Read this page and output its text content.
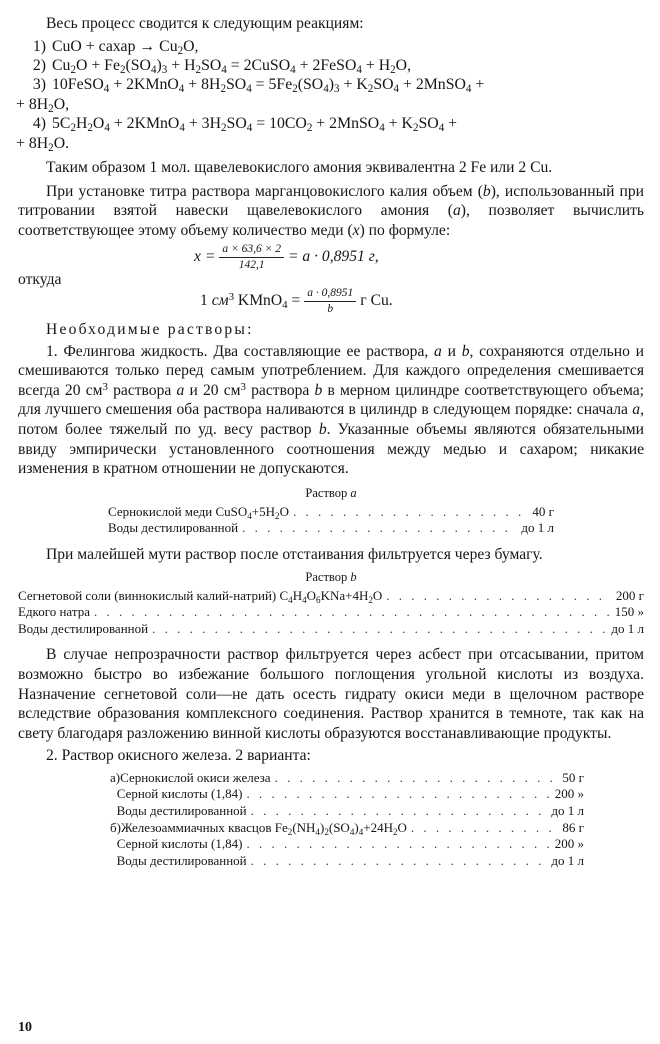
Весь процесс сводится к следующим реакциям:

1) CuO + сахар → $Cu_2O$,
2) $Cu_2O + Fe_2(SO_4)_3 + H_2SO_4$ = 2CuSO$_4$ + 2FeSO$_4$ + $H_2O$,
3) 10FeSO$_4$ + 2KMnO$_4$ + $8H_2SO_4 = 5Fe_2(SO_4)_3 + K_2SO_4$ + 2MnSO$_4$ +
+ $8H_2O$,
4) $5C_2H_2O_4$ + 2KMnO$_4$ + $3H_2SO_4 = 10CO_2$ + 2MnSO$_4$ + $K_2SO_4$ +
+ $8H_2O$.

Таким образом 1 мол. щавелевокислого амония эквивалентна 2 Fe или 2 Cu.

При установке титра раствора марганцовокислого калия объем (b), использованный при титровании взятой навески щавелевокислого амония (a), позволяет вычислить соответствующее этому объему количество меди (x) по формуле:

$x = \frac{a \times 63,6 \times 2}{142,1} = a \cdot 0,8951$ г,

откуда

1 $см^3$ KMnO$_4$ = $\frac{a \cdot 0,8951}{b}$ г Cu.

Необходимые растворы:

1. Фелингова жидкость. Два составляющие ее раствора, a и b, сохраняются отдельно и смешиваются только перед самым употреблением. Для каждого определения смешивается всегда 20 $см^3$ раствора a и 20 $см^3$ раствора b в мерном цилиндре соответствующего объема; для лучшего смешения оба раствора наливаются в цилиндр в следующем порядке: сначала a, потом более тяжелый по уд. весу раствор b. Указанные объемы являются обязательными ввиду эмпирически установленного соотношения между медью и сахаром; никакие изменения в кратном отношении не допускаются.

Раствор a
Сернокислой меди $CuSO_4+5H_2O$ . . .	40 г
Воды дестилированной . . .	до 1 л

При малейшей мути раствор после отстаивания фильтруется через бумагу.

Раствор b
Сегнетовой соли (виннокислый калий-натрий) $C_4H_4O_6KNa+4H_2O$ . . .	200 г
Едкого натра . . .	150 »
Воды дестилированной . . .	до 1 л

В случае непрозрачности раствор фильтруется через асбест при отсасывании, притом возможно быстро во избежание большого поглощения угольной кислоты из воздуха. Назначение сегнетовой соли—не дать осесть гидрату окиси меди в щелочном растворе вследствие образования комплексного соединения. Раствор хранится в темноте, так как на свету благодаря разложению винной кислоты образуются восстанавливающие продукты.

2. Раствор окисного железа. 2 варианта:

а) Сернокислой окиси железа . . .	50 г
Серной кислоты (1,84) . . .	200 »
Воды дестилированной . . .	до 1 л
б) Железоаммиачных квасцов $Fe_2(NH_4)_2(SO_4)_4+24H_2O$ . . .	86 г
Серной кислоты (1,84) . . .	200 »
Воды дестилированной . . .	до 1 л
10
